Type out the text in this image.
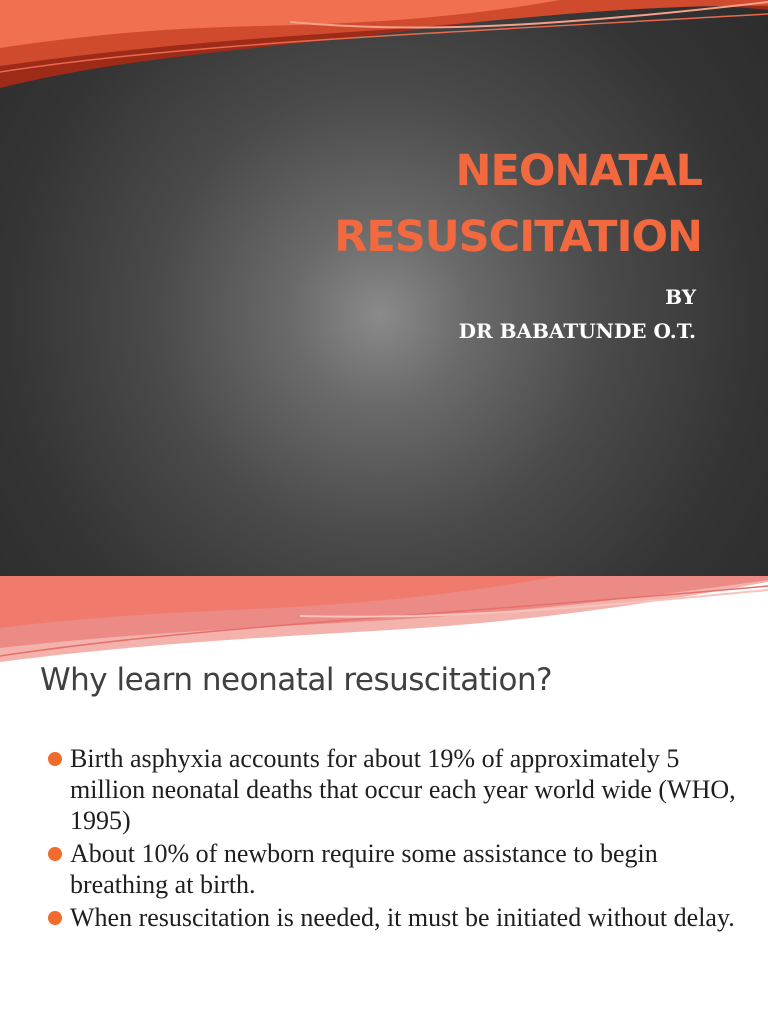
NEONATAL
RESUSCITATION

BY
DR BABATUNDE O.T.

Why learn neonatal resuscitation?
Birth asphyxia accounts for about 19% of approximately 5 million neonatal deaths that occur each year world wide (WHO, 1995)
About 10% of newborn require some assistance to begin breathing at birth.
When resuscitation is needed, it must be initiated without delay.
